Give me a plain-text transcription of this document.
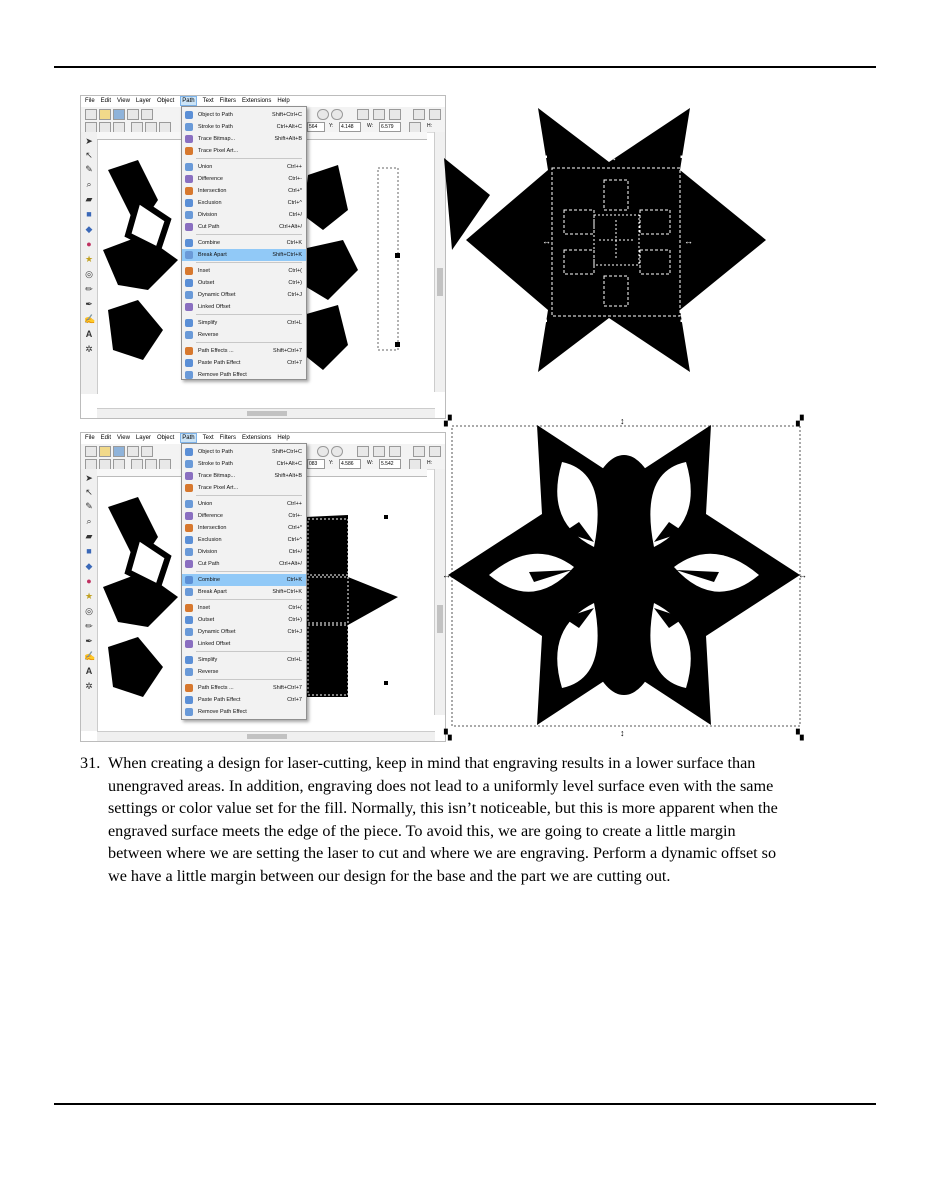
File Edit View Layer Object	Path	Text Filters Extensions Help
564	Y:	4.148	W:	6.579	H:
➤
↖
✎
⌕
▰
■
◆
●
★
◎
✏
✒
✍
A
✲
Object to Path	Shift+Ctrl+C
Stroke to Path	Ctrl+Alt+C
Trace Bitmap...	Shift+Alt+B
Trace Pixel Art...
Union	Ctrl++
Difference	Ctrl+-
Intersection	Ctrl+*
Exclusion	Ctrl+^
Division	Ctrl+/
Cut Path	Ctrl+Alt+/
Combine	Ctrl+K
Break Apart	Shift+Ctrl+K
Inset	Ctrl+(
Outset	Ctrl+)
Dynamic Offset	Ctrl+J
Linked Offset
Simplify	Ctrl+L
Reverse
Path Effects ...	Shift+Ctrl+7
Paste Path Effect	Ctrl+7
Remove Path Effect
▪
▪	▪
▪
↕
↕
↔	↔
File Edit View Layer Object	Path	Text Filters Extensions Help
083	Y:	4.586	W:	5.542	H:
➤
↖
✎
⌕
▰
■
◆
●
★
◎
✏
✒
✍
A
✲
Object to Path	Shift+Ctrl+C
Stroke to Path	Ctrl+Alt+C
Trace Bitmap...	Shift+Alt+B
Trace Pixel Art...
Union	Ctrl++
Difference	Ctrl+-
Intersection	Ctrl+*
Exclusion	Ctrl+^
Division	Ctrl+/
Cut Path	Ctrl+Alt+/
Combine	Ctrl+K
Break Apart	Shift+Ctrl+K
Inset	Ctrl+(
Outset	Ctrl+)
Dynamic Offset	Ctrl+J
Linked Offset
Simplify	Ctrl+L
Reverse
Path Effects ...	Shift+Ctrl+7
Paste Path Effect	Ctrl+7
Remove Path Effect
▞	▞
▚	▚
↕
↕
↔	↔
31. When creating a design for laser-cutting, keep in mind that engraving results in a lower surface than

unengraved areas. In addition, engraving does not lead to a uniformly level surface even with the same

settings or color value set for the fill. Normally, this isn’t noticeable, but this is more apparent when the

engraved surface meets the edge of the piece. To avoid this, we are going to create a little margin

between where we are setting the laser to cut and where we are engraving. Perform a dynamic offset so

we have a little margin between our design for the base and the part we are cutting out.
